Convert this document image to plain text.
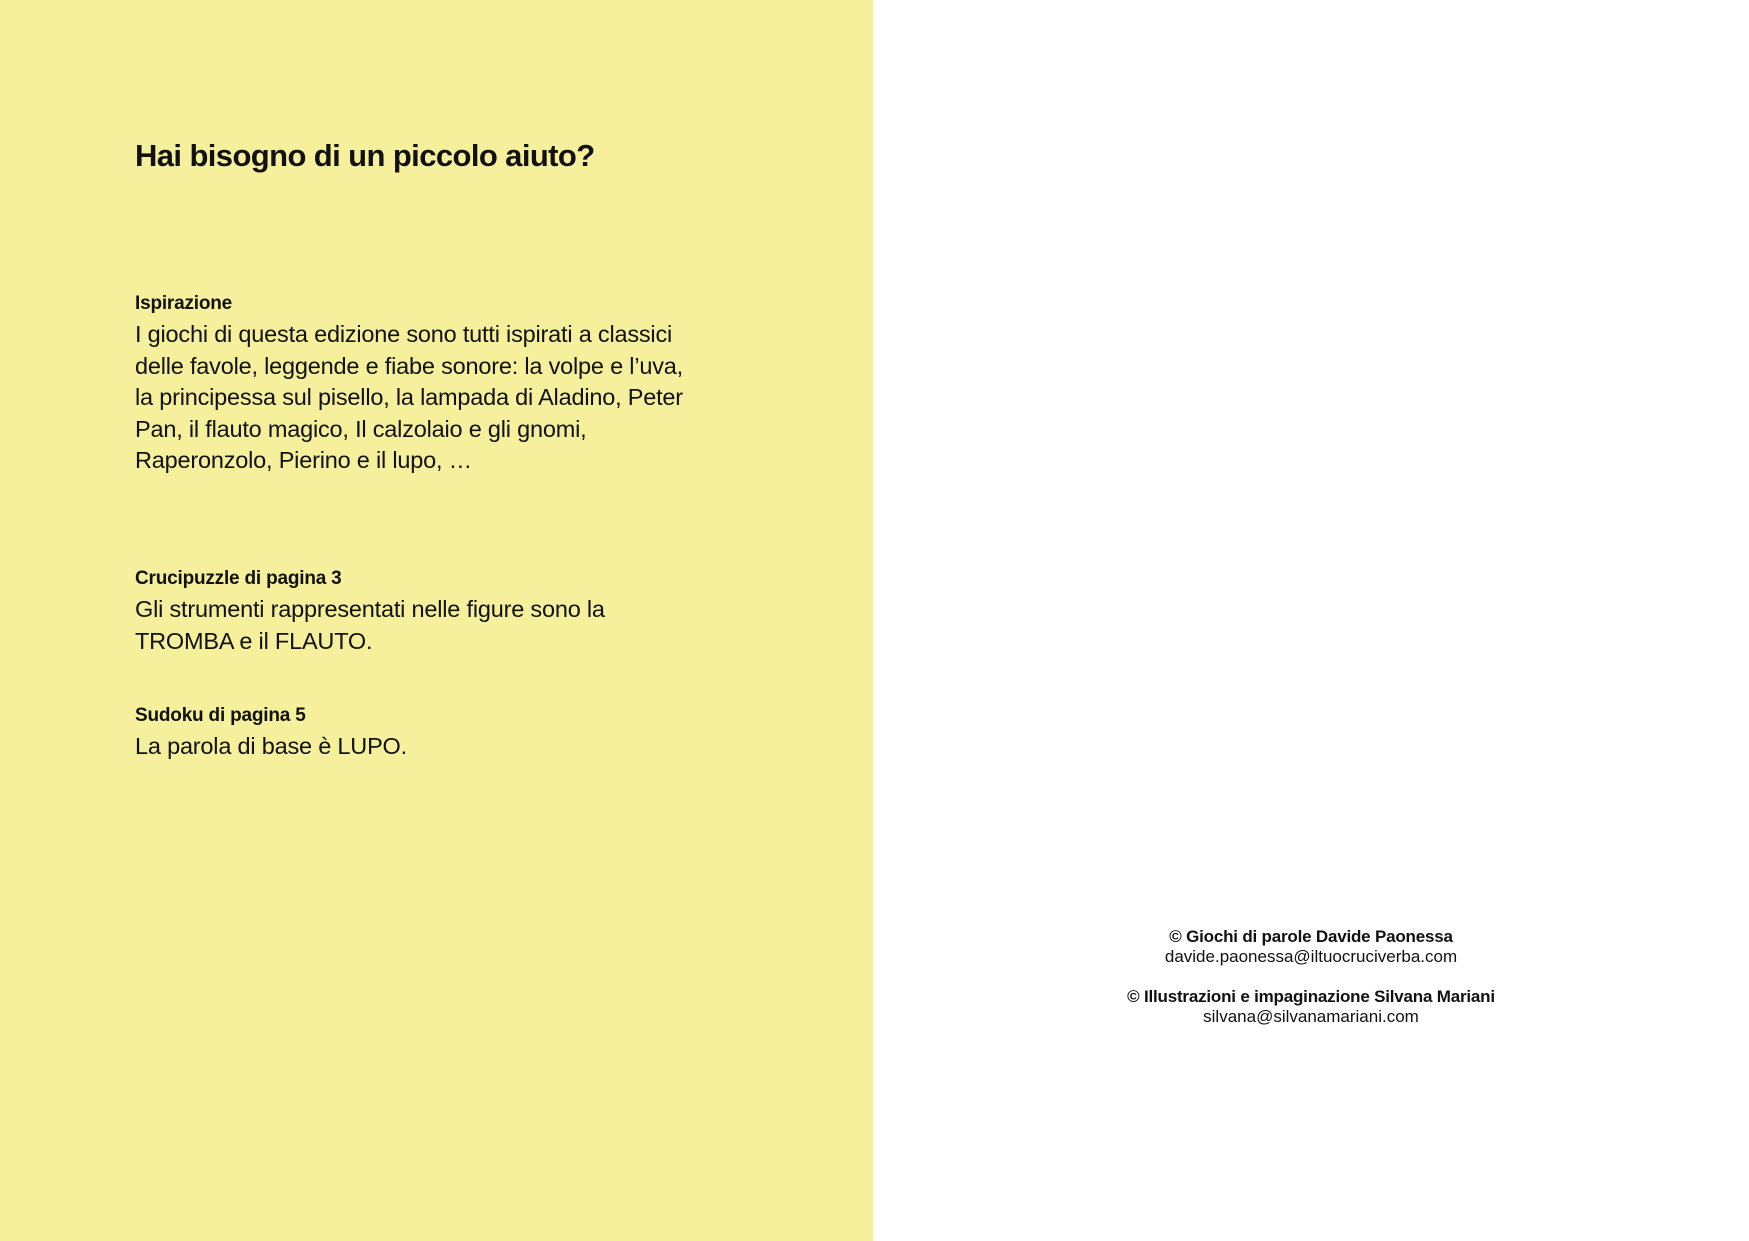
Hai bisogno di un piccolo aiuto?
Ispirazione
I giochi di questa edizione sono tutti ispirati a classici delle favole, leggende e fiabe sonore: la volpe e l’uva, la principessa sul pisello, la lampada di Aladino, Peter Pan, il flauto magico, Il calzolaio e gli gnomi, Raperonzolo, Pierino e il lupo, …
Crucipuzzle di pagina 3
Gli strumenti rappresentati nelle figure sono la TROMBA e il FLAUTO.
Sudoku di pagina 5
La parola di base è LUPO.
© Giochi di parole Davide Paonessa
davide.paonessa@iltuocruciverba.com
© Illustrazioni e impaginazione Silvana Mariani
silvana@silvanamariani.com
